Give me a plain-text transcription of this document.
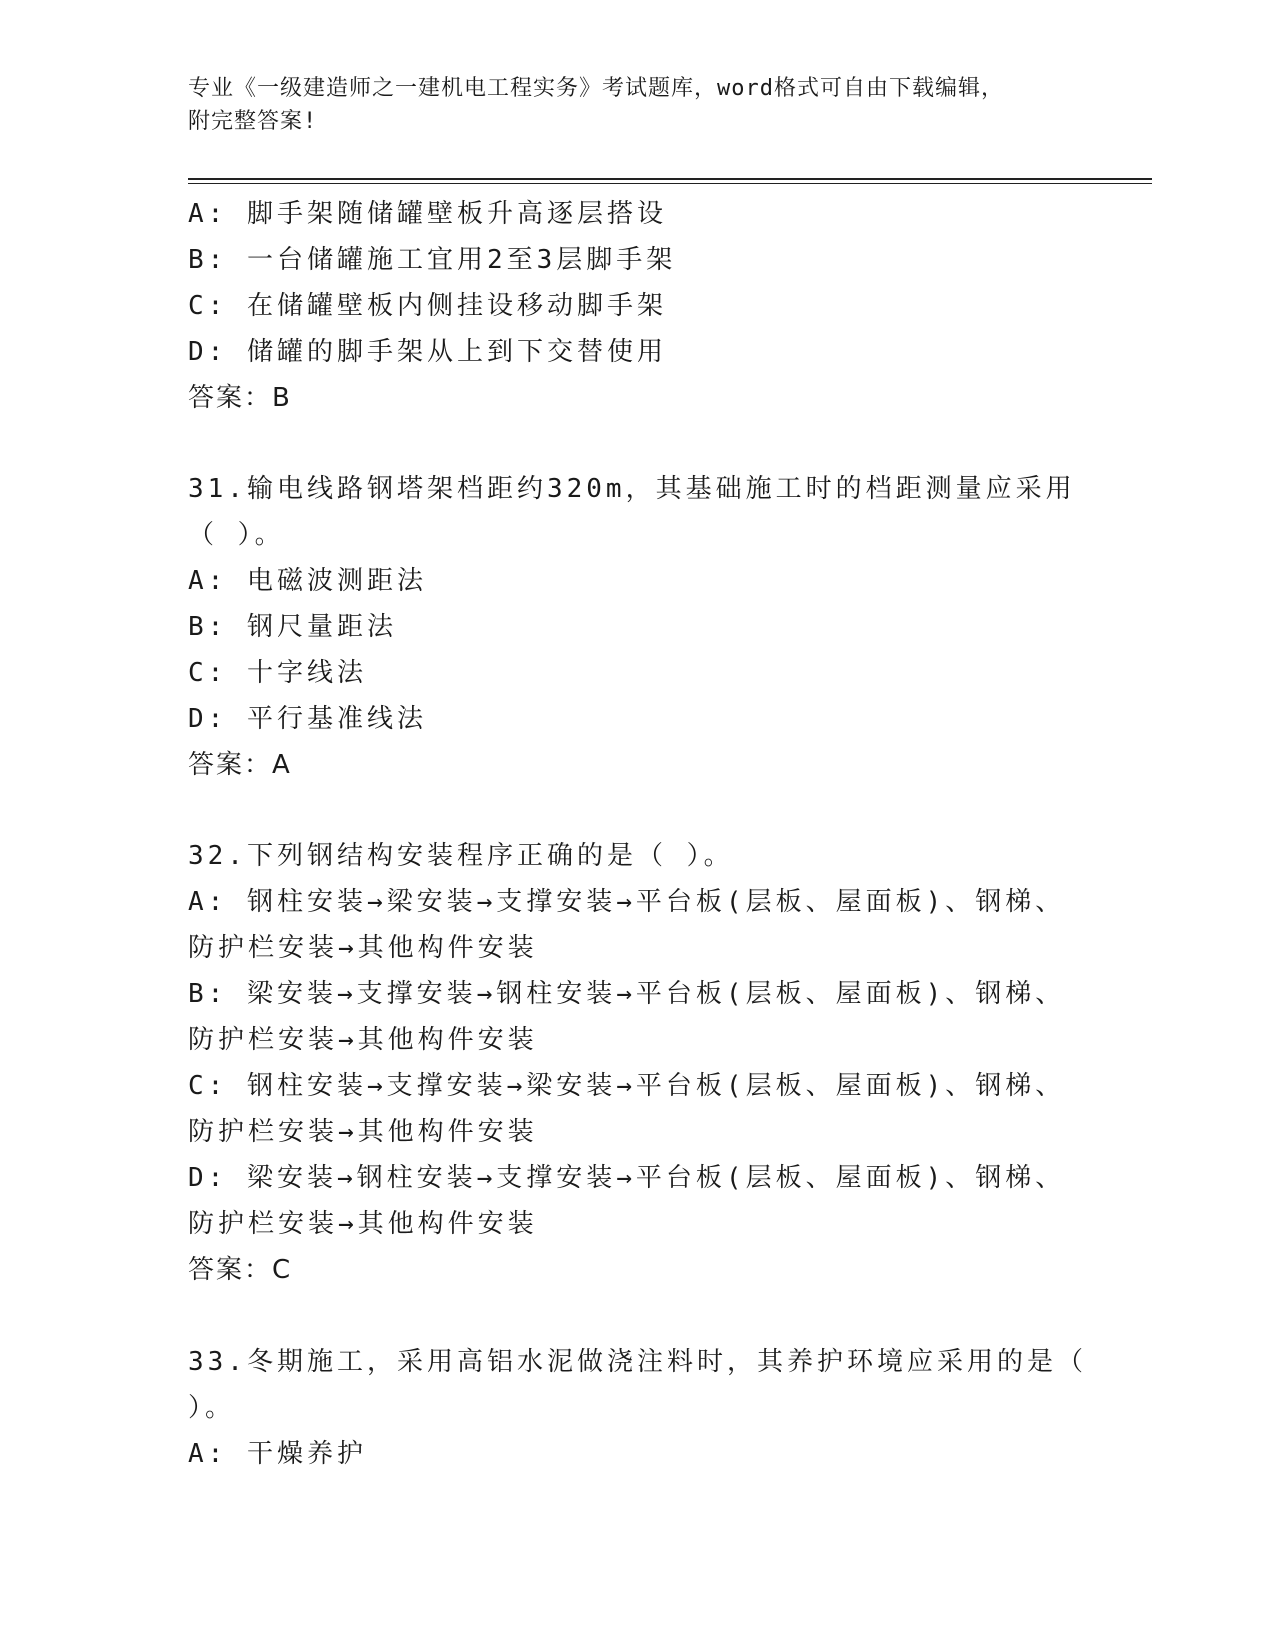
专业《一级建造师之一建机电工程实务》考试题库，word格式可自由下载编辑，
附完整答案!

A: 脚手架随储罐壁板升高逐层搭设

B: 一台储罐施工宜用2至3层脚手架

C: 在储罐壁板内侧挂设移动脚手架

D: 储罐的脚手架从上到下交替使用

答案：B

31.输电线路钢塔架档距约320m，其基础施工时的档距测量应采用（ ）。

A: 电磁波测距法

B: 钢尺量距法

C: 十字线法

D: 平行基准线法

答案：A

32.下列钢结构安装程序正确的是（ ）。

A: 钢柱安装→梁安装→支撑安装→平台板(层板、屋面板)、钢梯、防护栏安装→其他构件安装

B: 梁安装→支撑安装→钢柱安装→平台板(层板、屋面板)、钢梯、防护栏安装→其他构件安装

C: 钢柱安装→支撑安装→梁安装→平台板(层板、屋面板)、钢梯、防护栏安装→其他构件安装

D: 梁安装→钢柱安装→支撑安装→平台板(层板、屋面板)、钢梯、防护栏安装→其他构件安装

答案：C

33.冬期施工，采用高铝水泥做浇注料时，其养护环境应采用的是（ ）。

A: 干燥养护
